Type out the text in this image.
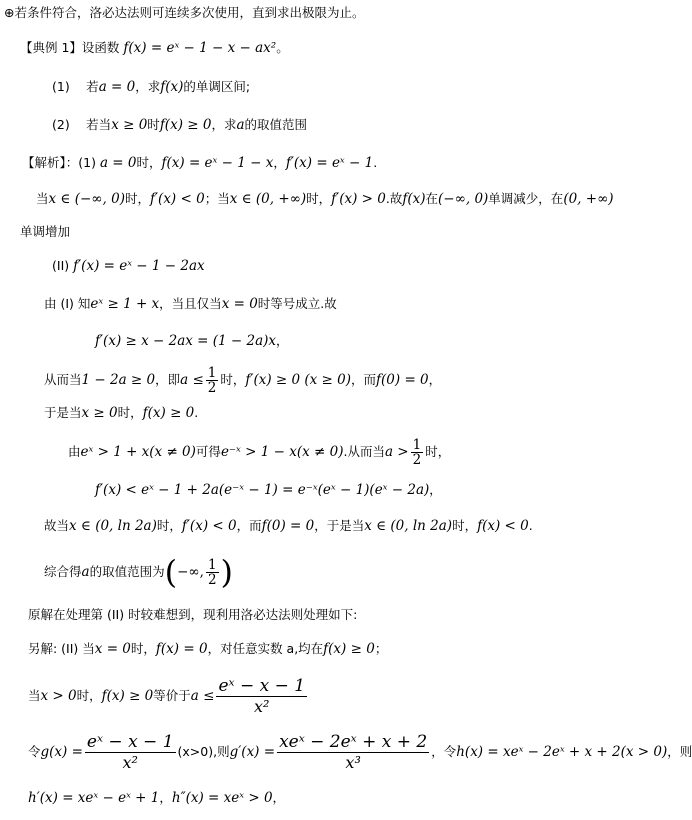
⊕若条件符合，洛必达法则可连续多次使用，直到求出极限为止。
【典例 1】设函数 f(x) = eˣ − 1 − x − ax²。
(1)　 若a = 0，求f(x)的单调区间;
(2)　 若当x ≥ 0时f(x) ≥ 0，求a的取值范围
【解析】：(1) a = 0时，f(x) = eˣ − 1 − x，f′(x) = eˣ − 1.
当x ∈ (−∞, 0)时，f′(x) < 0；当x ∈ (0, +∞)时，f′(x) > 0.故f(x)在(−∞, 0)单调减少，在(0, +∞)
单调增加
(II) f′(x) = eˣ − 1 − 2ax
由 (I) 知eˣ ≥ 1 + x，当且仅当x = 0时等号成立.故
f′(x) ≥ x − 2ax = (1 − 2a)x，
从而当 1 − 2a ≥ 0 ，即 $a \le \frac{1}{2}$ 时， f′(x) ≥ 0 (x ≥ 0) ，而 f(0) = 0 ，
于是当x ≥ 0时，f(x) ≥ 0.
由 eˣ > 1 + x(x ≠ 0) 可得 e⁻ˣ > 1 − x(x ≠ 0) .从而当 $a > \frac{1}{2}$ 时，
f′(x) < eˣ − 1 + 2a(e⁻ˣ − 1) = e⁻ˣ(eˣ − 1)(eˣ − 2a)，
故当x ∈ (0, ln 2a)时，f′(x) < 0，而f(0) = 0，于是当x ∈ (0, ln 2a)时，f(x) < 0.
综合得 a 的取值范围为 ( −∞, $\frac{1}{2}$ )
原解在处理第 (II) 时较难想到，现利用洛必达法则处理如下:
另解: (II) 当x = 0时，f(x) = 0，对任意实数 a,均在f(x) ≥ 0；
当 x > 0 时， f(x) ≥ 0 等价于 $a \le \frac{\text{eˣ − x − 1}}{\text{x²}}$
令 $g(x) = \frac{\text{eˣ − x − 1}}{\text{x²}} (x>0)$,则 $g'(x) = \frac{\text{xeˣ − 2eˣ + x + 2}}{\text{x³}}$ ，令 h(x) = xeˣ − 2eˣ + x + 2(x > 0) ，则
h′(x) = xeˣ − eˣ + 1，h″(x) = xeˣ > 0，
